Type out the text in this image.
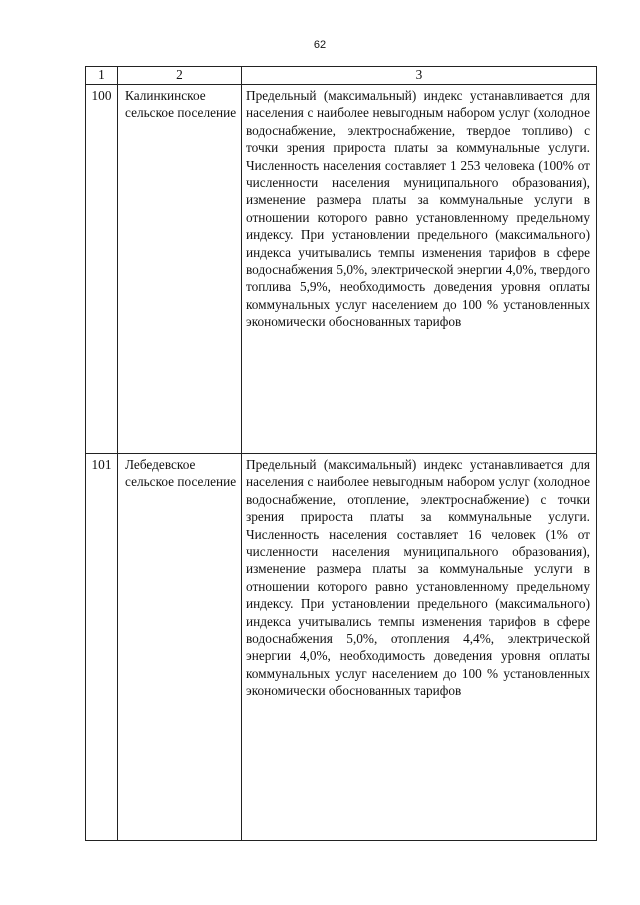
62
1	2	3
100	Калинкинское сельское поселение	Предельный (максимальный) индекс устанавливается для населения с наиболее невыгодным набором услуг (холодное водоснабжение, электроснабжение, твердое топливо) с точки зрения прироста платы за коммунальные услуги. Численность населения составляет 1 253 человека (100% от численности населения муниципального образования), изменение размера платы за коммунальные услуги в отношении которого равно установленному предельному индексу. При установлении предельного (максимального) индекса учитывались темпы изменения тарифов в сфере водоснабжения 5,0%, электрической энергии 4,0%, твердого топлива 5,9%, необходимость доведения уровня оплаты коммунальных услуг населением до 100 % установленных экономически обоснованных тарифов
101	Лебедевское сельское поселение	Предельный (максимальный) индекс устанавливается для населения с наиболее невыгодным набором услуг (холодное водоснабжение, отопление, электроснабжение) с точки зрения прироста платы за коммунальные услуги. Численность населения составляет 16 человек (1% от численности населения муниципального образования), изменение размера платы за коммунальные услуги в отношении которого равно установленному предельному индексу. При установлении предельного (максимального) индекса учитывались темпы изменения тарифов в сфере водоснабжения 5,0%, отопления 4,4%, электрической энергии 4,0%, необходимость доведения уровня оплаты коммунальных услуг населением до 100 % установленных экономически обоснованных тарифов
